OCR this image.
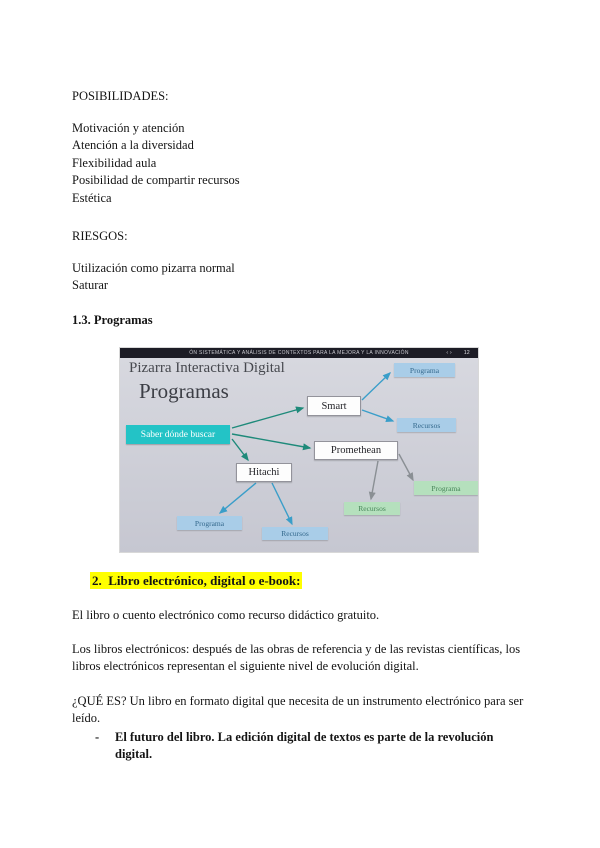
POSIBILIDADES:
Motivación y atención
Atención a la diversidad
Flexibilidad aula
Posibilidad de compartir recursos
Estética
RIESGOS:
Utilización como pizarra normal
Saturar
1.3. Programas
ÓN SISTEMÁTICA Y ANÁLISIS DE CONTEXTOS PARA LA MEJORA Y LA INNOVACIÓN	‹ › 12
Pizarra Interactiva Digital
Programas
Saber dónde buscar
Smart
Promethean
Hitachi
Programa
Recursos
Programa
Recursos
Programa
Recursos
2.  Libro electrónico, digital o e-book:
El libro o cuento electrónico como recurso didáctico gratuito.
Los libros electrónicos: después de las obras de referencia y de las revistas científicas, los libros electrónicos representan el siguiente nivel de evolución digital.
¿QUÉ ES? Un libro en formato digital que necesita de un instrumento electrónico para ser leído.
-	El futuro del libro. La edición digital de textos es parte de la revolución digital.
